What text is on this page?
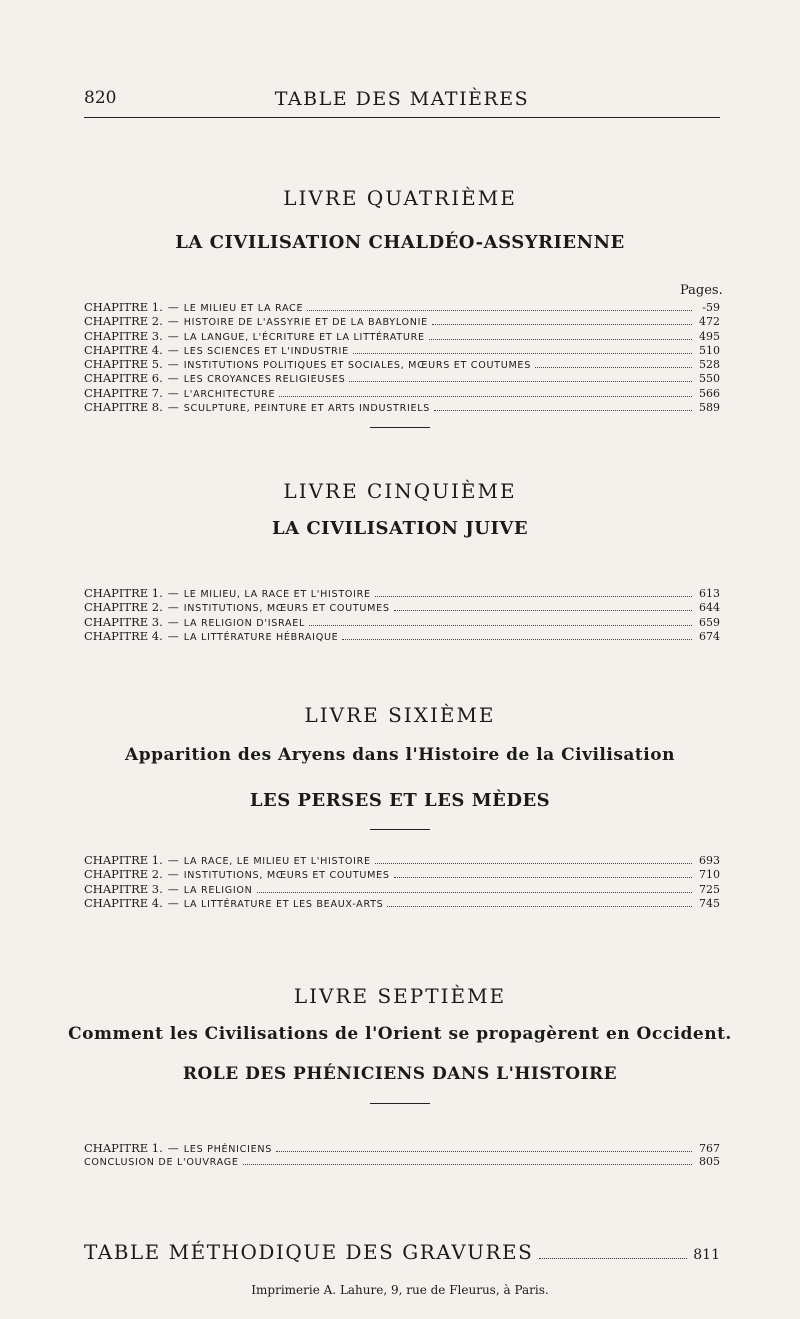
820	TABLE DES MATIÈRES
LIVRE QUATRIÈME
LA CIVILISATION CHALDÉO-ASSYRIENNE
Pages.
CHAPITRE 1. — LE MILIEU ET LA RACE	-59
CHAPITRE 2. — HISTOIRE DE L'ASSYRIE ET DE LA BABYLONIE	472
CHAPITRE 3. — LA LANGUE, L'ÉCRITURE ET LA LITTÉRATURE	495
CHAPITRE 4. — LES SCIENCES ET L'INDUSTRIE	510
CHAPITRE 5. — INSTITUTIONS POLITIQUES ET SOCIALES, MŒURS ET COUTUMES	528
CHAPITRE 6. — LES CROYANCES RELIGIEUSES	550
CHAPITRE 7. — L'ARCHITECTURE	566
CHAPITRE 8. — SCULPTURE, PEINTURE ET ARTS INDUSTRIELS	589
LIVRE CINQUIÈME
LA CIVILISATION JUIVE
CHAPITRE 1. — LE MILIEU, LA RACE ET L'HISTOIRE	613
CHAPITRE 2. — INSTITUTIONS, MŒURS ET COUTUMES	644
CHAPITRE 3. — LA RELIGION D'ISRAEL	659
CHAPITRE 4. — LA LITTÉRATURE HÉBRAIQUE	674
LIVRE SIXIÈME
Apparition des Aryens dans l'Histoire de la Civilisation
LES PERSES ET LES MÈDES
CHAPITRE 1. — LA RACE, LE MILIEU ET L'HISTOIRE	693
CHAPITRE 2. — INSTITUTIONS, MŒURS ET COUTUMES	710
CHAPITRE 3. — LA RELIGION	725
CHAPITRE 4. — LA LITTÉRATURE ET LES BEAUX-ARTS	745
LIVRE SEPTIÈME
Comment les Civilisations de l'Orient se propagèrent en Occident.
ROLE DES PHÉNICIENS DANS L'HISTOIRE
CHAPITRE 1. — LES PHÉNICIENS	767
CONCLUSION DE L'OUVRAGE	805
TABLE MÉTHODIQUE DES GRAVURES	811
Imprimerie A. Lahure, 9, rue de Fleurus, à Paris.
